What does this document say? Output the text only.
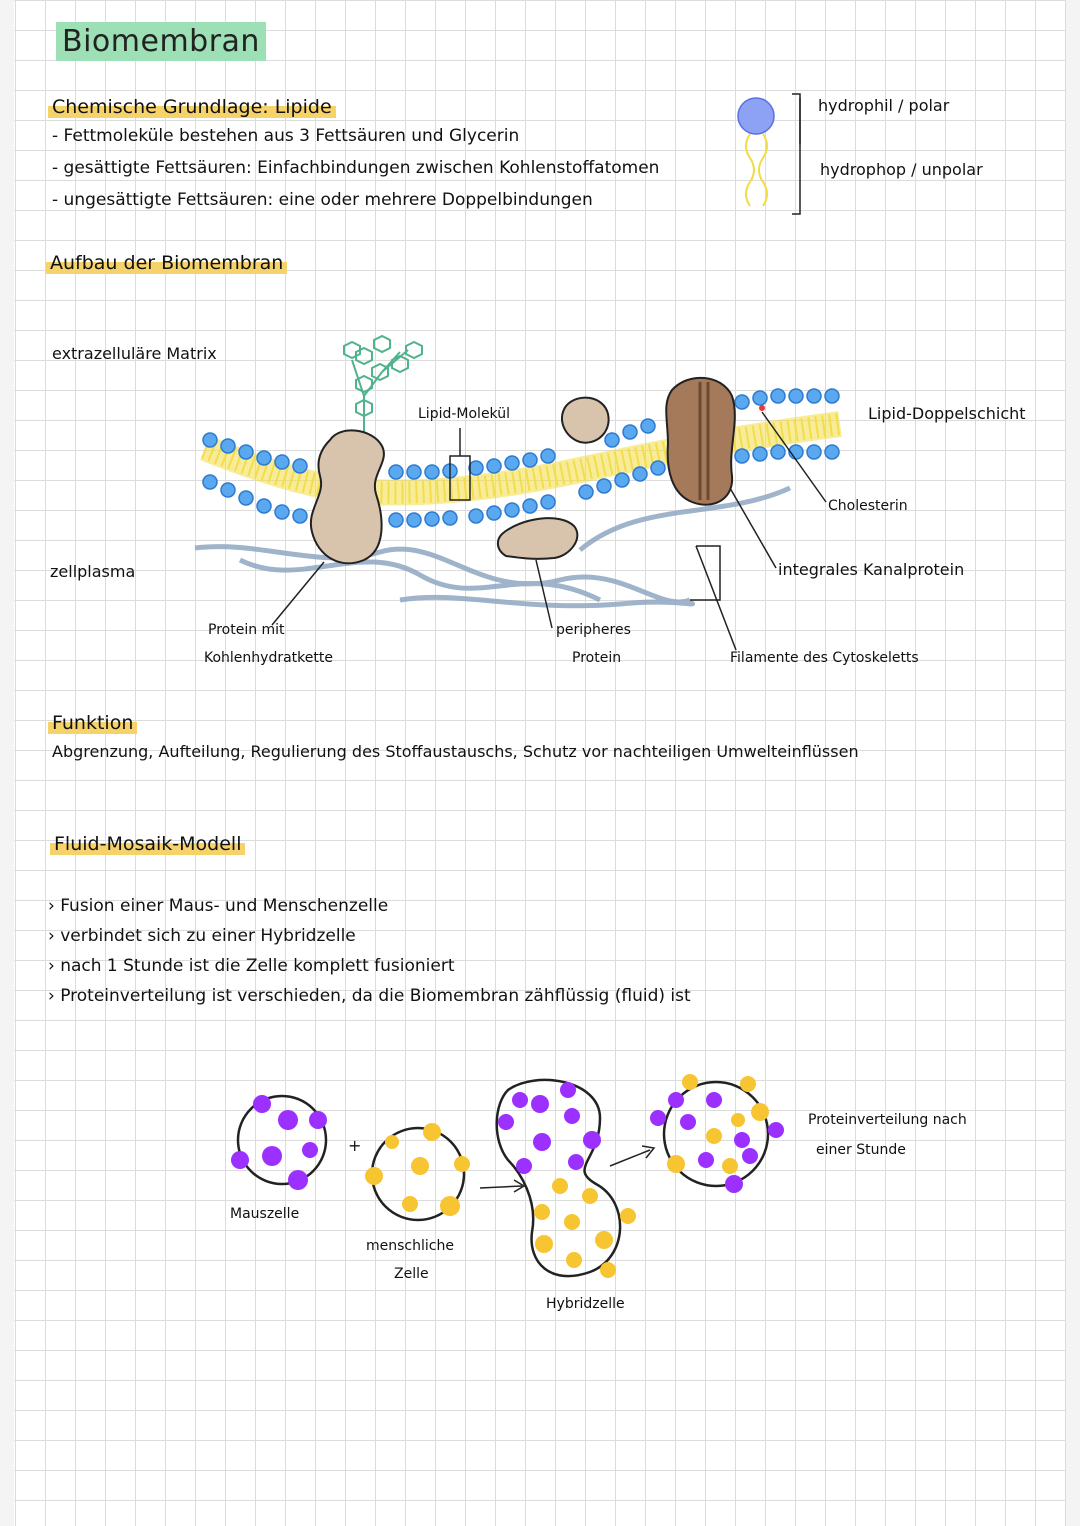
Biomembran
Chemische Grundlage: Lipide
- Fettmoleküle bestehen aus 3 Fettsäuren und Glycerin
- gesättigte Fettsäuren: Einfachbindungen zwischen Kohlenstoffatomen
- ungesättigte Fettsäuren: eine oder mehrere Doppelbindungen
hydrophil / polar
hydrophop / unpolar
Aufbau der Biomembran
extrazelluläre Matrix
zellplasma
Lipid-Molekül	Lipid-Doppelschicht
Cholesterin
integrales Kanalprotein
Protein mit
Kohlenhydratkette
peripheres
Protein	Filamente des Cytoskeletts
Funktion
Abgrenzung, Aufteilung, Regulierung des Stoffaustauschs, Schutz vor nachteiligen Umwelteinflüssen
Fluid-Mosaik-Modell
› Fusion einer Maus- und Menschenzelle
› verbindet sich zu einer Hybridzelle
› nach 1 Stunde ist die Zelle komplett fusioniert
› Proteinverteilung ist verschieden, da die Biomembran zähflüssig (fluid) ist
+
Mauszelle
menschliche
Zelle
Hybridzelle
Proteinverteilung nach
einer Stunde
